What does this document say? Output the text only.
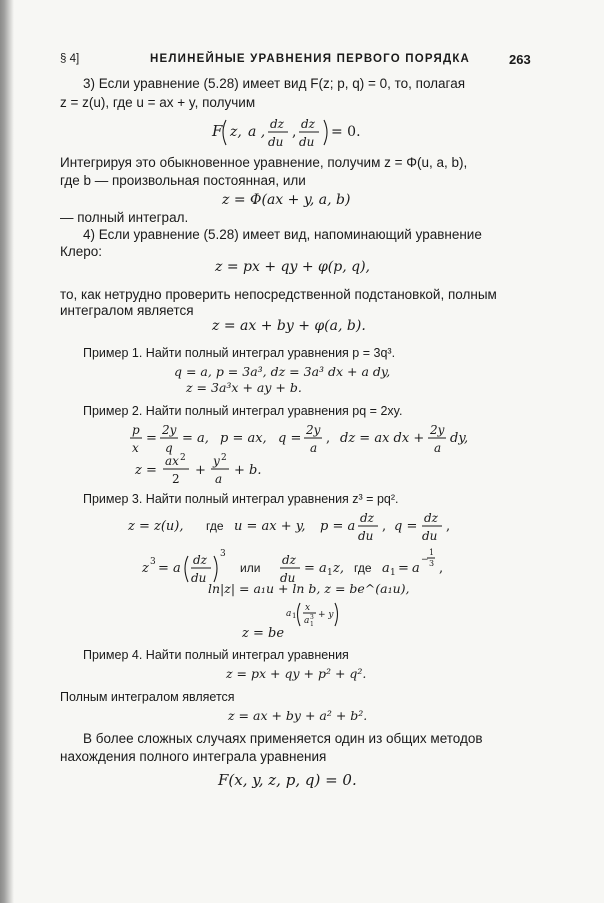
§ 4]	НЕЛИНЕЙНЫЕ УРАВНЕНИЯ ПЕРВОГО ПОРЯДКА	263
3) Если уравнение (5.28) имеет вид F(z; p, q) = 0, то, полагая
z = z(u), где u = ax + y, получим
F z, a , dz
du
, dz
du
= 0.
Интегрируя это обыкновенное уравнение, получим z = Φ(u, a, b),
где b — произвольная постоянная, или
z = Φ(ax + y, a, b)
— полный интеграл.
4) Если уравнение (5.28) имеет вид, напоминающий уравнение
Клеро:
z = px + qy + φ(p, q),
то, как нетрудно проверить непосредственной подстановкой, полным
интегралом является
z = ax + by + φ(a, b).
Пример 1. Найти полный интеграл уравнения p = 3q³.
q = a, p = 3a³, dz = 3a³ dx + a dy,
z = 3a³x + ay + b.
Пример 2. Найти полный интеграл уравнения pq = 2xy.
p
x
=
2y
q
= a, p = ax, q =
2y
a
, dz = ax dx +
2y
a
dy,
z =
ax 2
2
+
y 2
a
+ b.
Пример 3. Найти полный интеграл уравнения z³ = pq².
z = z(u), где u = ax + y, p = a
dz
du
, q =
dz
du
,
z 3 = a
dz
du
3
или
dz
du
= a 1 z, где a 1 = a
−
1
3 ,
ln|z| = a₁u + ln b, z = be^(a₁u),
z = be
a 1
x
a 3
1
+ y
Пример 4. Найти полный интеграл уравнения
z = px + qy + p² + q².
Полным интегралом является
z = ax + by + a² + b².
В более сложных случаях применяется один из общих методов
нахождения полного интеграла уравнения
F(x, y, z, p, q) = 0.
